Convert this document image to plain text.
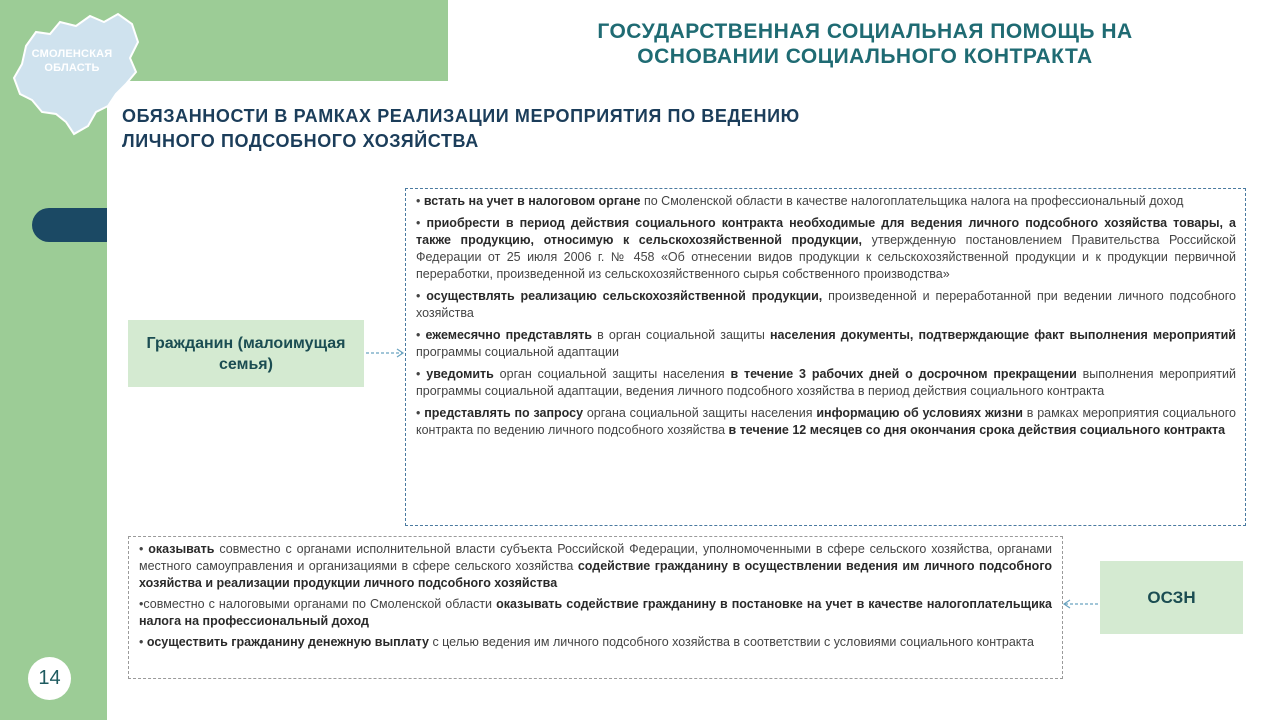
СМОЛЕНСКАЯ ОБЛАСТЬ
ГОСУДАРСТВЕННАЯ СОЦИАЛЬНАЯ ПОМОЩЬ НА ОСНОВАНИИ СОЦИАЛЬНОГО КОНТРАКТА
ОБЯЗАННОСТИ В РАМКАХ РЕАЛИЗАЦИИ МЕРОПРИЯТИЯ ПО ВЕДЕНИЮ ЛИЧНОГО ПОДСОБНОГО ХОЗЯЙСТВА
Гражданин (малоимущая семья)
ОСЗН

• встать на учет в налоговом органе по Смоленской области в качестве налогоплательщика налога на профессиональный доход

• приобрести в период действия социального контракта необходимые для ведения личного подсобного хозяйства товары, а также продукцию, относимую к сельскохозяйственной продукции, утвержденную постановлением Правительства Российской Федерации от 25 июля 2006 г. № 458 «Об отнесении видов продукции к сельскохозяйственной продукции и к продукции первичной переработки, произведенной из сельскохозяйственного сырья собственного производства»

• осуществлять реализацию сельскохозяйственной продукции, произведенной и переработанной при ведении личного подсобного хозяйства

• ежемесячно представлять в орган социальной защиты населения документы, подтверждающие факт выполнения мероприятий программы социальной адаптации

• уведомить орган социальной защиты населения в течение 3 рабочих дней о досрочном прекращении выполнения мероприятий программы социальной адаптации, ведения личного подсобного хозяйства в период действия социального контракта

• представлять по запросу органа социальной защиты населения информацию об условиях жизни в рамках мероприятия социального контракта по ведению личного подсобного хозяйства в течение 12 месяцев со дня окончания срока действия социального контракта

• оказывать совместно с органами исполнительной власти субъекта Российской Федерации, уполномоченными в сфере сельского хозяйства, органами местного самоуправления и организациями в сфере сельского хозяйства содействие гражданину в осуществлении ведения им личного подсобного хозяйства и реализации продукции личного подсобного хозяйства

•совместно с налоговыми органами по Смоленской области оказывать содействие гражданину в постановке на учет в качестве налогоплательщика налога на профессиональный доход

• осуществить гражданину денежную выплату с целью ведения им личного подсобного хозяйства в соответствии с условиями социального контракта

14
